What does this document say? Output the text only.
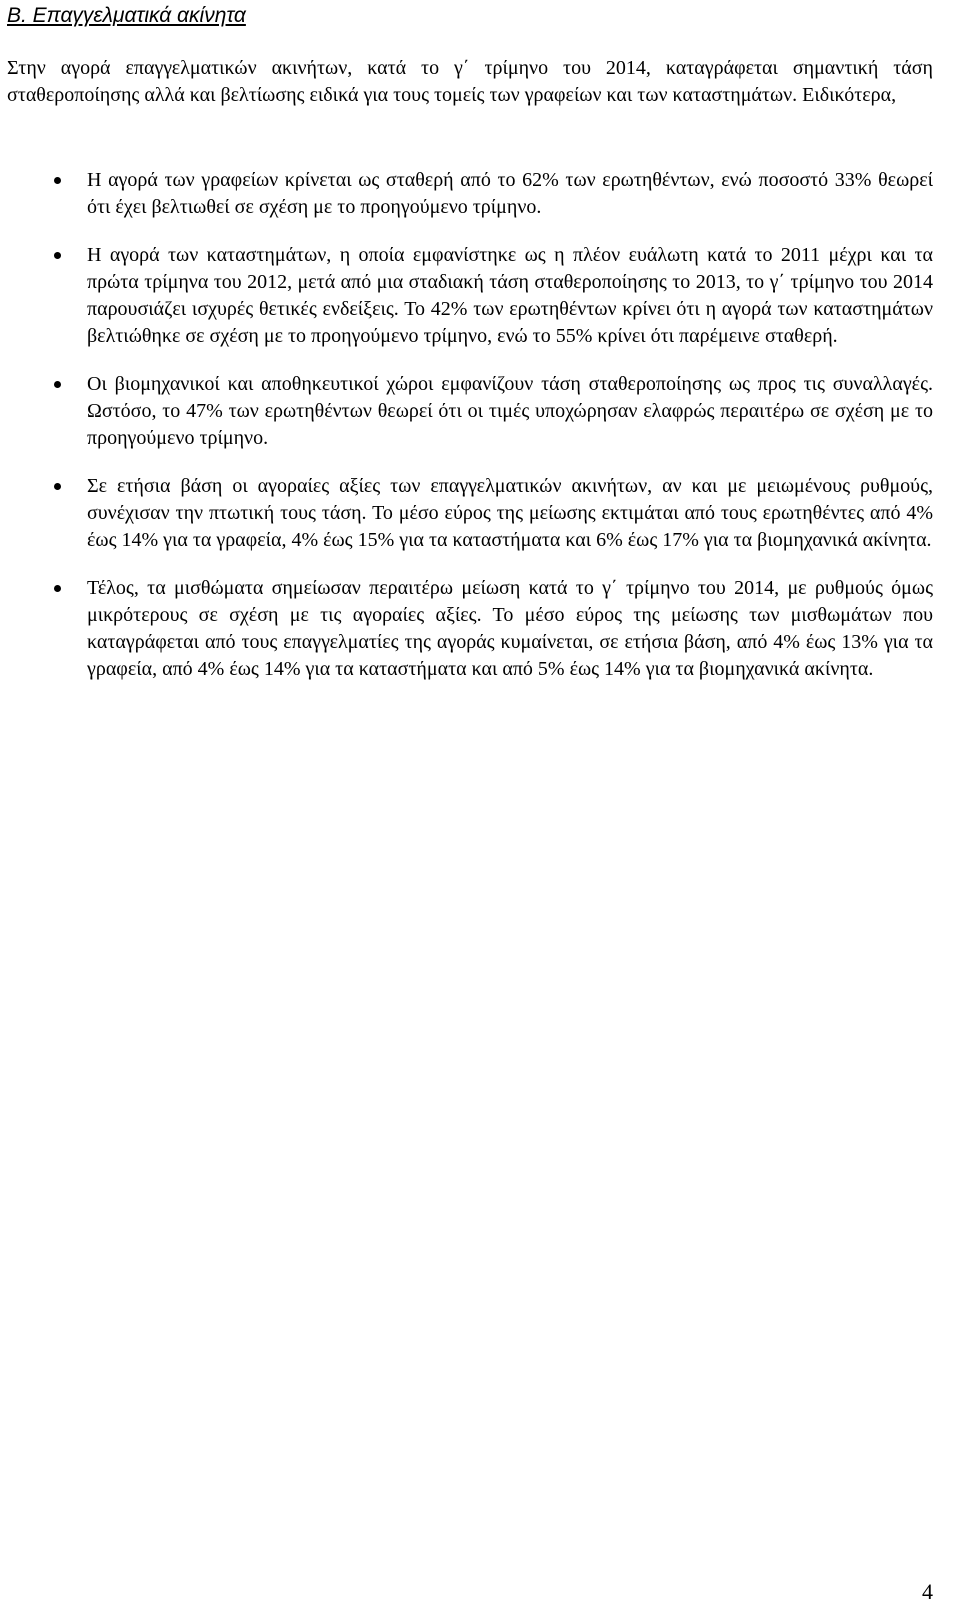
Β. Επαγγελματικά ακίνητα

Στην αγορά επαγγελματικών ακινήτων, κατά το γ΄ τρίμηνο του 2014, καταγράφεται σημαντική τάση σταθεροποίησης αλλά και βελτίωσης ειδικά για τους τομείς των γραφείων και των καταστημάτων. Ειδικότερα,

Η αγορά των γραφείων κρίνεται ως σταθερή από το 62% των ερωτηθέντων, ενώ ποσοστό 33% θεωρεί ότι έχει βελτιωθεί σε σχέση με το προηγούμενο τρίμηνο.
Η αγορά των καταστημάτων, η οποία εμφανίστηκε ως η πλέον ευάλωτη κατά το 2011 μέχρι και τα πρώτα τρίμηνα του 2012, μετά από μια σταδιακή τάση σταθεροποίησης το 2013, το γ΄ τρίμηνο του 2014 παρουσιάζει ισχυρές θετικές ενδείξεις. Το 42% των ερωτηθέντων κρίνει ότι η αγορά των καταστημάτων βελτιώθηκε σε σχέση με το προηγούμενο τρίμηνο, ενώ το 55% κρίνει ότι παρέμεινε σταθερή.
Οι βιομηχανικοί και αποθηκευτικοί χώροι εμφανίζουν τάση σταθεροποίησης ως προς τις συναλλαγές. Ωστόσο, το 47% των ερωτηθέντων θεωρεί ότι οι τιμές υποχώρησαν ελαφρώς περαιτέρω σε σχέση με το προηγούμενο τρίμηνο.
Σε ετήσια βάση οι αγοραίες αξίες των επαγγελματικών ακινήτων, αν και με μειωμένους ρυθμούς, συνέχισαν την πτωτική τους τάση. Το μέσο εύρος της μείωσης εκτιμάται από τους ερωτηθέντες από 4% έως 14% για τα γραφεία, 4% έως 15% για τα καταστήματα και 6% έως 17% για τα βιομηχανικά ακίνητα.
Τέλος, τα μισθώματα σημείωσαν περαιτέρω μείωση κατά το γ΄ τρίμηνο του 2014, με ρυθμούς όμως μικρότερους σε σχέση με τις αγοραίες αξίες. Το μέσο εύρος της μείωσης των μισθωμάτων που καταγράφεται από τους επαγγελματίες της αγοράς κυμαίνεται, σε ετήσια βάση, από 4% έως 13% για τα γραφεία, από 4% έως 14% για τα καταστήματα και από 5% έως 14% για τα βιομηχανικά ακίνητα.
4
